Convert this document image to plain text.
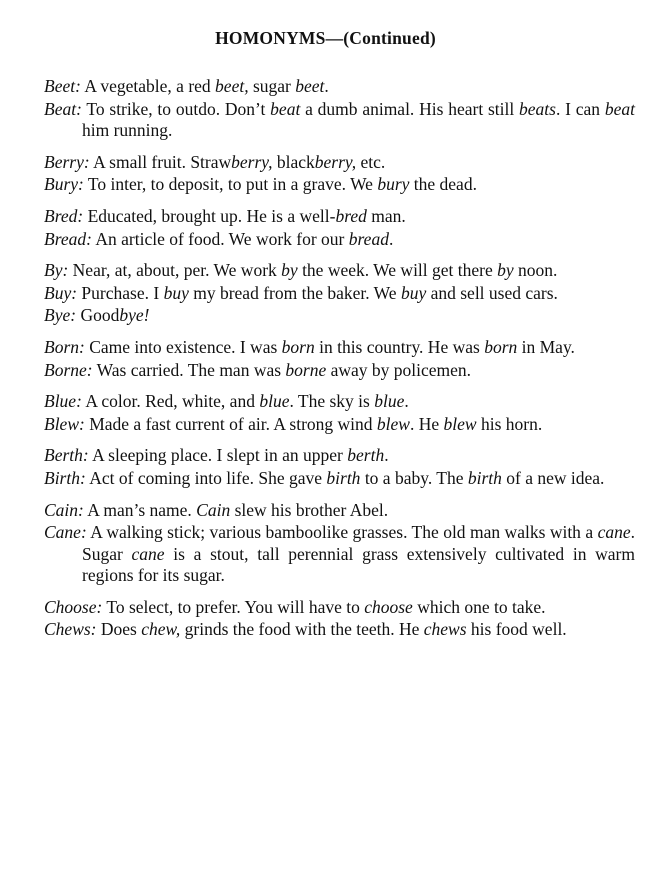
HOMONYMS—(Continued)
Beet: A vegetable, a red beet, sugar beet.
Beat: To strike, to outdo. Don’t beat a dumb animal. His heart still beats. I can beat him running.
Berry: A small fruit. Strawberry, blackberry, etc.
Bury: To inter, to deposit, to put in a grave. We bury the dead.
Bred: Educated, brought up. He is a well-bred man.
Bread: An article of food. We work for our bread.
By: Near, at, about, per. We work by the week. We will get there by noon.
Buy: Purchase. I buy my bread from the baker. We buy and sell used cars.
Bye: Goodbye!
Born: Came into existence. I was born in this country. He was born in May.
Borne: Was carried. The man was borne away by policemen.
Blue: A color. Red, white, and blue. The sky is blue.
Blew: Made a fast current of air. A strong wind blew. He blew his horn.
Berth: A sleeping place. I slept in an upper berth.
Birth: Act of coming into life. She gave birth to a baby. The birth of a new idea.
Cain: A man’s name. Cain slew his brother Abel.
Cane: A walking stick; various bamboolike grasses. The old man walks with a cane. Sugar cane is a stout, tall perennial grass extensively cultivated in warm regions for its sugar.
Choose: To select, to prefer. You will have to choose which one to take.
Chews: Does chew, grinds the food with the teeth. He chews his food well.
